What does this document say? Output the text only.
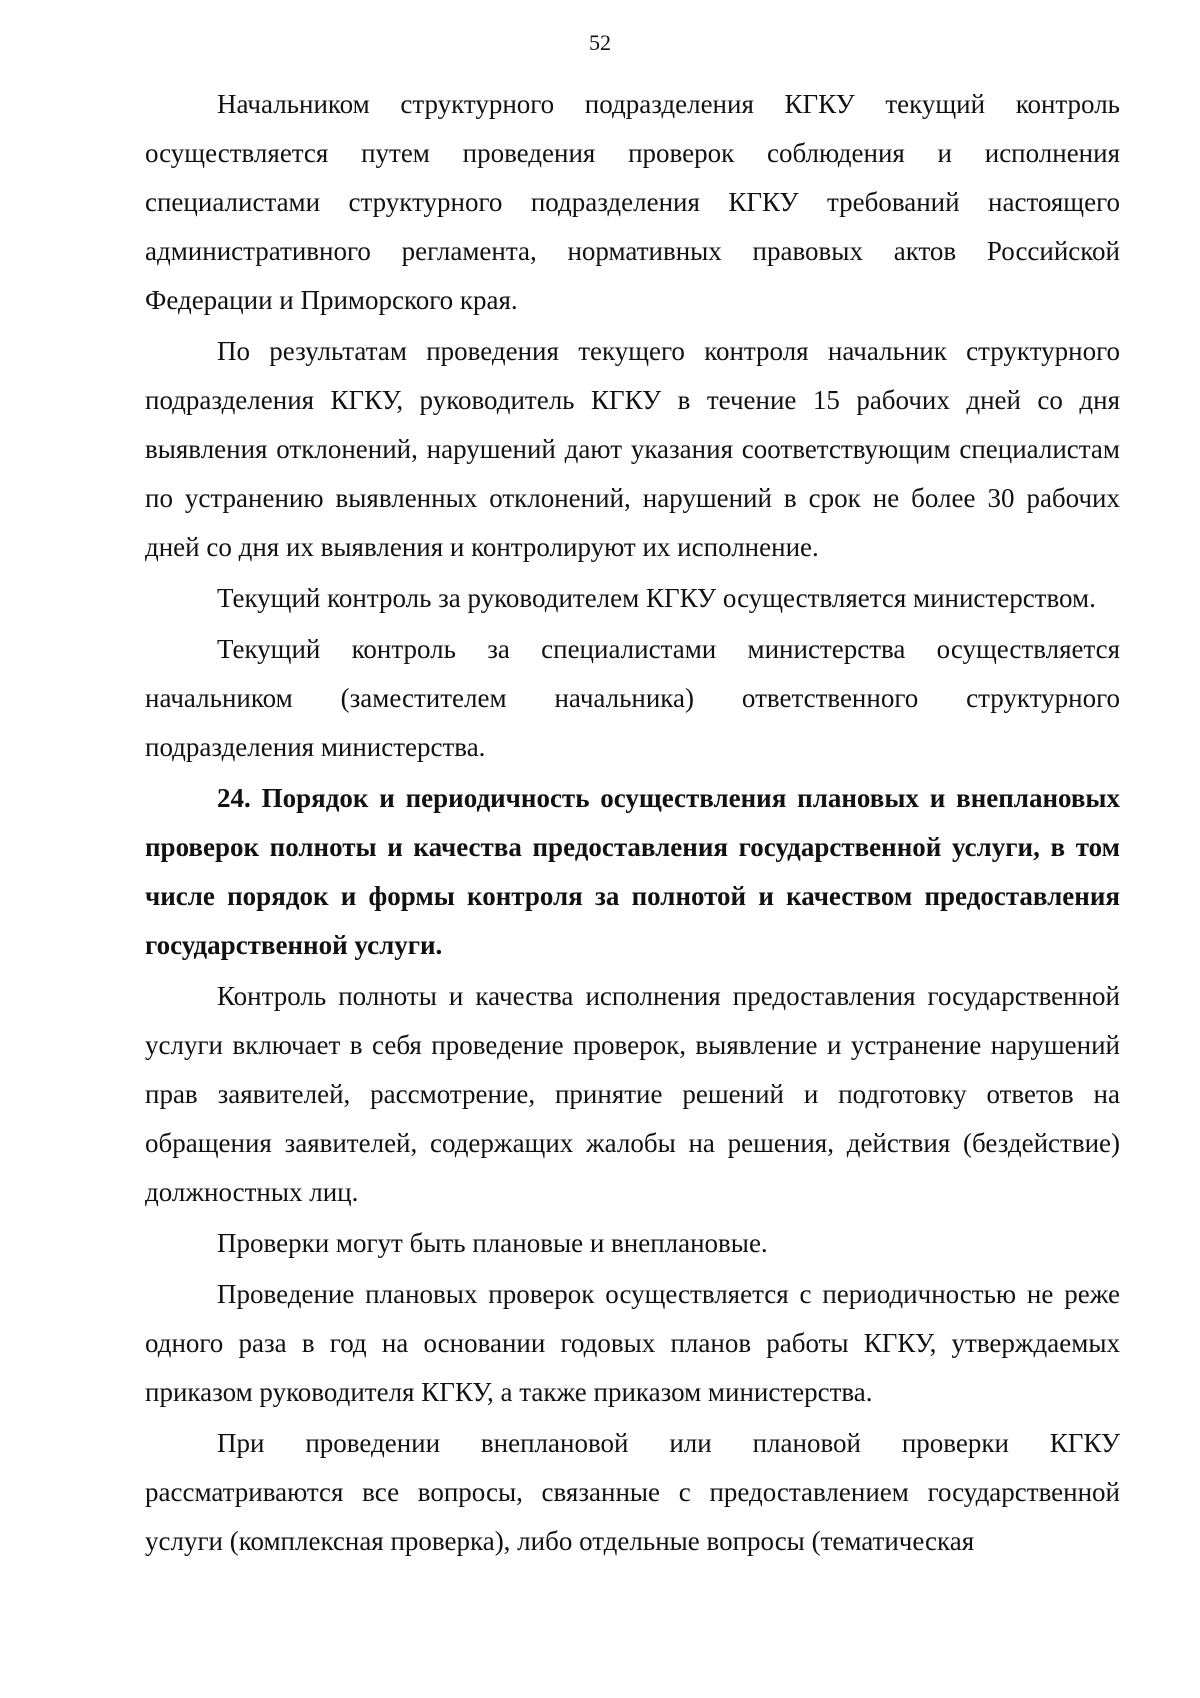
52

Начальником структурного подразделения КГКУ текущий контроль осуществляется путем проведения проверок соблюдения и исполнения специалистами структурного подразделения КГКУ требований настоящего административного регламента, нормативных правовых актов Российской Федерации и Приморского края.

По результатам проведения текущего контроля начальник структурного подразделения КГКУ, руководитель КГКУ в течение 15 рабочих дней со дня выявления отклонений, нарушений дают указания соответствующим специалистам по устранению выявленных отклонений, нарушений в срок не более 30 рабочих дней со дня их выявления и контролируют их исполнение.

Текущий контроль за руководителем КГКУ осуществляется министерством.

Текущий контроль за специалистами министерства осуществляется начальником (заместителем начальника) ответственного структурного подразделения министерства.

24. Порядок и периодичность осуществления плановых и внеплановых проверок полноты и качества предоставления государственной услуги, в том числе порядок и формы контроля за полнотой и качеством предоставления государственной услуги.

Контроль полноты и качества исполнения предоставления государственной услуги включает в себя проведение проверок, выявление и устранение нарушений прав заявителей, рассмотрение, принятие решений и подготовку ответов на обращения заявителей, содержащих жалобы на решения, действия (бездействие) должностных лиц.

Проверки могут быть плановые и внеплановые.

Проведение плановых проверок осуществляется с периодичностью не реже одного раза в год на основании годовых планов работы КГКУ, утверждаемых приказом руководителя КГКУ, а также приказом министерства.

При проведении внеплановой или плановой проверки КГКУ рассматриваются все вопросы, связанные с предоставлением государственной услуги (комплексная проверка), либо отдельные вопросы (тематическая
